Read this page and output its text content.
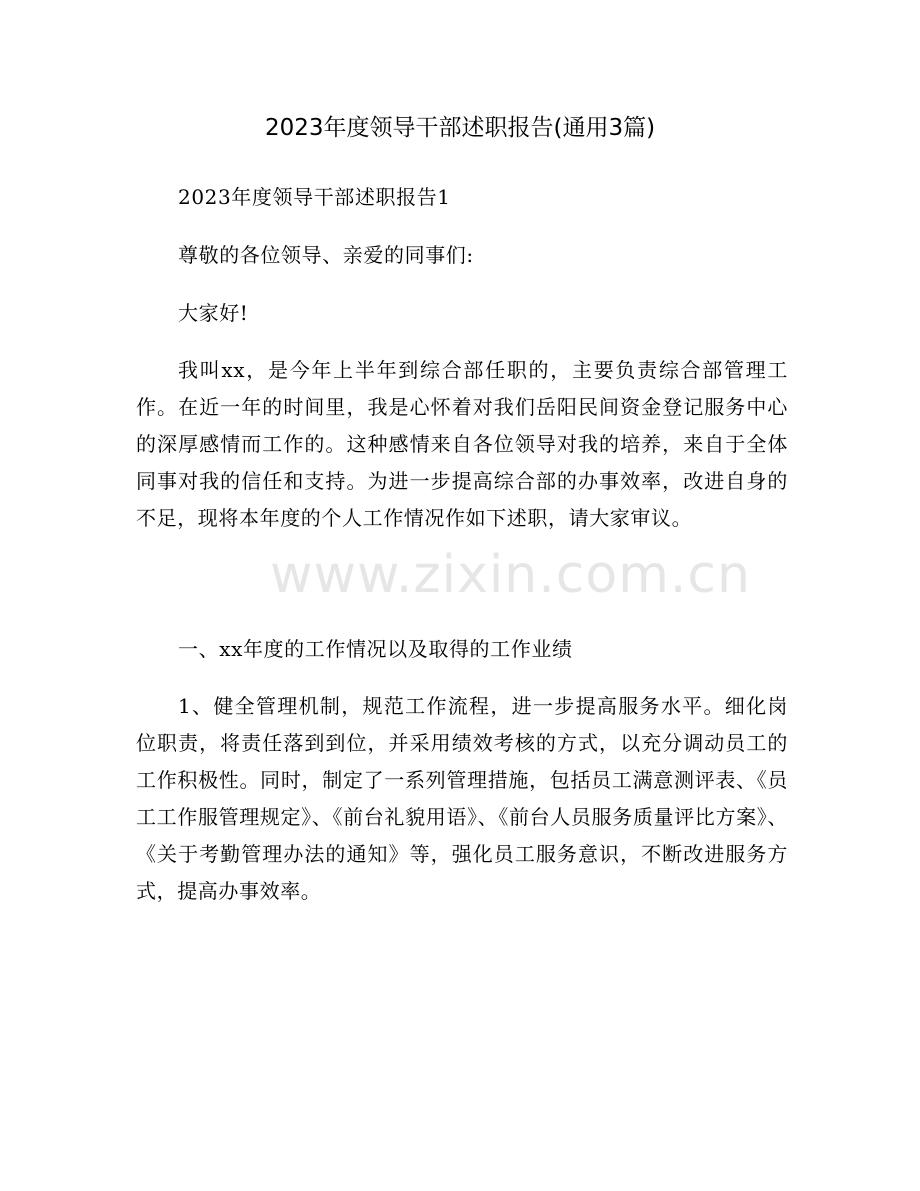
2023年度领导干部述职报告(通用3篇)

2023年度领导干部述职报告1

尊敬的各位领导、亲爱的同事们:

大家好!

我叫xx，是今年上半年到综合部任职的，主要负责综合部管理工作。在近一年的时间里，我是心怀着对我们岳阳民间资金登记服务中心的深厚感情而工作的。这种感情来自各位领导对我的培养，来自于全体同事对我的信任和支持。为进一步提高综合部的办事效率，改进自身的不足，现将本年度的个人工作情况作如下述职，请大家审议。

一、xx年度的工作情况以及取得的工作业绩

1、健全管理机制，规范工作流程，进一步提高服务水平。细化岗位职责，将责任落到到位，并采用绩效考核的方式，以充分调动员工的工作积极性。同时，制定了一系列管理措施，包括员工满意测评表、《员工工作服管理规定》、《前台礼貌用语》、《前台人员服务质量评比方案》、《关于考勤管理办法的通知》等，强化员工服务意识，不断改进服务方式，提高办事效率。

www.zixin.com.cn
